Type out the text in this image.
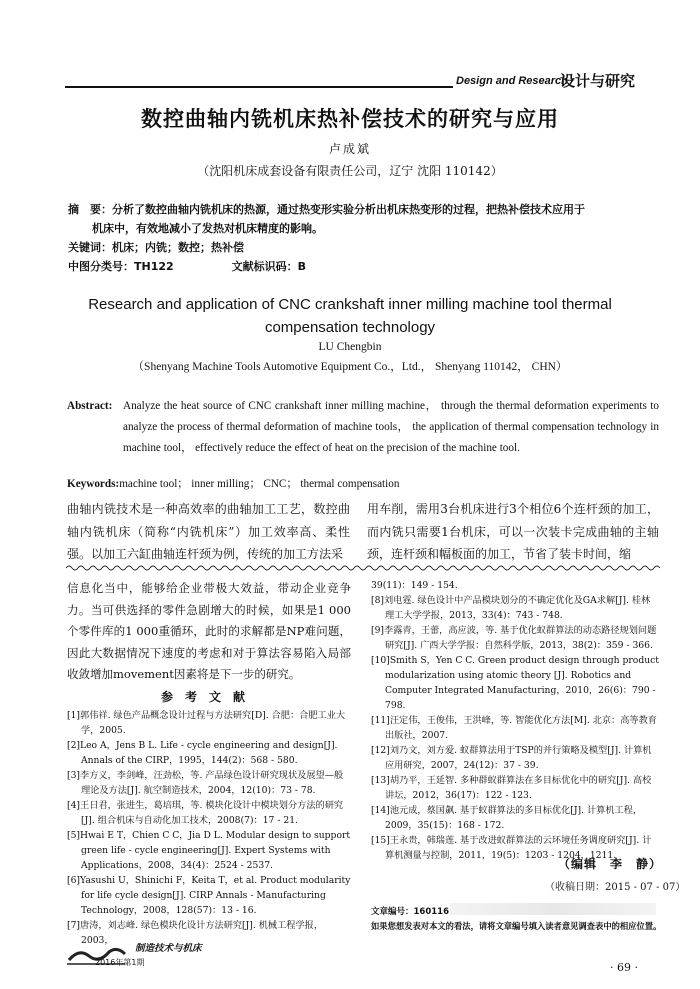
Design and Research
设计与研究
数控曲轴内铣机床热补偿技术的研究与应用
卢成斌
（沈阳机床成套设备有限责任公司，辽宁 沈阳 110142）
摘　要：分析了数控曲轴内铣机床的热源，通过热变形实验分析出机床热变形的过程，把热补偿技术应用于
机床中，有效地减小了发热对机床精度的影响。
关键词：机床；内铣；数控；热补偿
中图分类号：TH122	文献标识码：B
Research and application of CNC crankshaft inner milling machine tool thermal
compensation technology
LU Chengbin
（Shenyang Machine Tools Automotive Equipment Co.，Ltd.， Shenyang 110142， CHN）
Abstract: Analyze the heat source of CNC crankshaft inner milling machine， through the thermal deformation experiments to analyze the process of thermal deformation of machine tools， the application of thermal compensation technology in machine tool， effectively reduce the effect of heat on the precision of the machine tool.
Keywords:machine tool； inner milling； CNC； thermal compensation
曲轴内铣技术是一种高效率的曲轴加工工艺，数控曲轴内铣机床（简称“内铣机床”）加工效率高、柔性强。以加工六缸曲轴连杆颈为例，传统的加工方法采
用车削，需用3台机床进行3个相位6个连杆颈的加工，而内铣只需要1台机床，可以一次装卡完成曲轴的主轴颈，连杆颈和幅板面的加工，节省了装卡时间，缩
信息化当中，能够给企业带极大效益，带动企业竞争力。当可供选择的零件急剧增大的时候，如果是1 000个零件库的1 000重循环，此时的求解都是NP难问题，因此大数据情况下速度的考虑和对于算法容易陷入局部收敛增加movement因素将是下一步的研究。
参考文献
[1]郭伟祥. 绿色产品概念设计过程与方法研究[D]. 合肥：合肥工业大学，2005.
[2]Leo A，Jens B L. Life - cycle engineering and design[J]. Annals of the CIRP，1995，144(2)：568 - 580.
[3]李方义，李剑峰，汪劲松，等. 产品绿色设计研究现状及展望—般理论及方法[J]. 航空制造技术，2004，12(10)：73 - 78.
[4]王日君，张进生，葛培琪，等. 模块化设计中模块划分方法的研究[J]. 组合机床与自动化加工技术，2008(7)：17 - 21.
[5]Hwai E T，Chien C C，Jia D L. Modular design to support green life - cycle engineering[J]. Expert Systems with Applications，2008，34(4)：2524 - 2537.
[6]Yasushi U，Shinichi F，Keita T，et al. Product modularity for life cycle design[J]. CIRP Annals - Manufacturing Technology，2008，128(57)：13 - 16.
[7]唐涛，刘志峰. 绿色模块化设计方法研究[J]. 机械工程学报，2003，
39(11)：149 - 154.
[8]刘电霆. 绿色设计中产品模块划分的不确定优化及GA求解[J]. 桂林理工大学学报，2013，33(4)：743 - 748.
[9]李露青，王蕾，高应波，等. 基于优化蚁群算法的动态路径规划问题研究[J]. 广西大学学报：自然科学版，2013，38(2)：359 - 366.
[10]Smith S，Yen C C. Green product design through product modularization using atomic theory [J]. Robotics and Computer Integrated Manufacturing，2010，26(6)：790 - 798.
[11]汪定伟，王俊伟，王洪峰，等. 智能优化方法[M]. 北京：高等教育出版社，2007.
[12]刘乃文，刘方爱. 蚁群算法用于TSP的并行策略及模型[J]. 计算机应用研究，2007，24(12)：37 - 39.
[13]胡乃平，王延智. 多种群蚁群算法在多目标优化中的研究[J]. 高校讲坛，2012，36(17)：122 - 123.
[14]池元成，蔡国飙. 基于蚁群算法的多目标优化[J]. 计算机工程，2009，35(15)：168 - 172.
[15]王永贵，韩瑞莲. 基于改进蚁群算法的云环境任务调度研究[J]. 计算机测量与控制，2011，19(5)：1203 - 1204，1211.
（编辑　李　静）
（收稿日期：2015 - 07 - 07）
文章编号：160116
如果您想发表对本文的看法，请将文章编号填入读者意见调查表中的相应位置。
制造技术与机床
2016年第1期	· 69 ·
